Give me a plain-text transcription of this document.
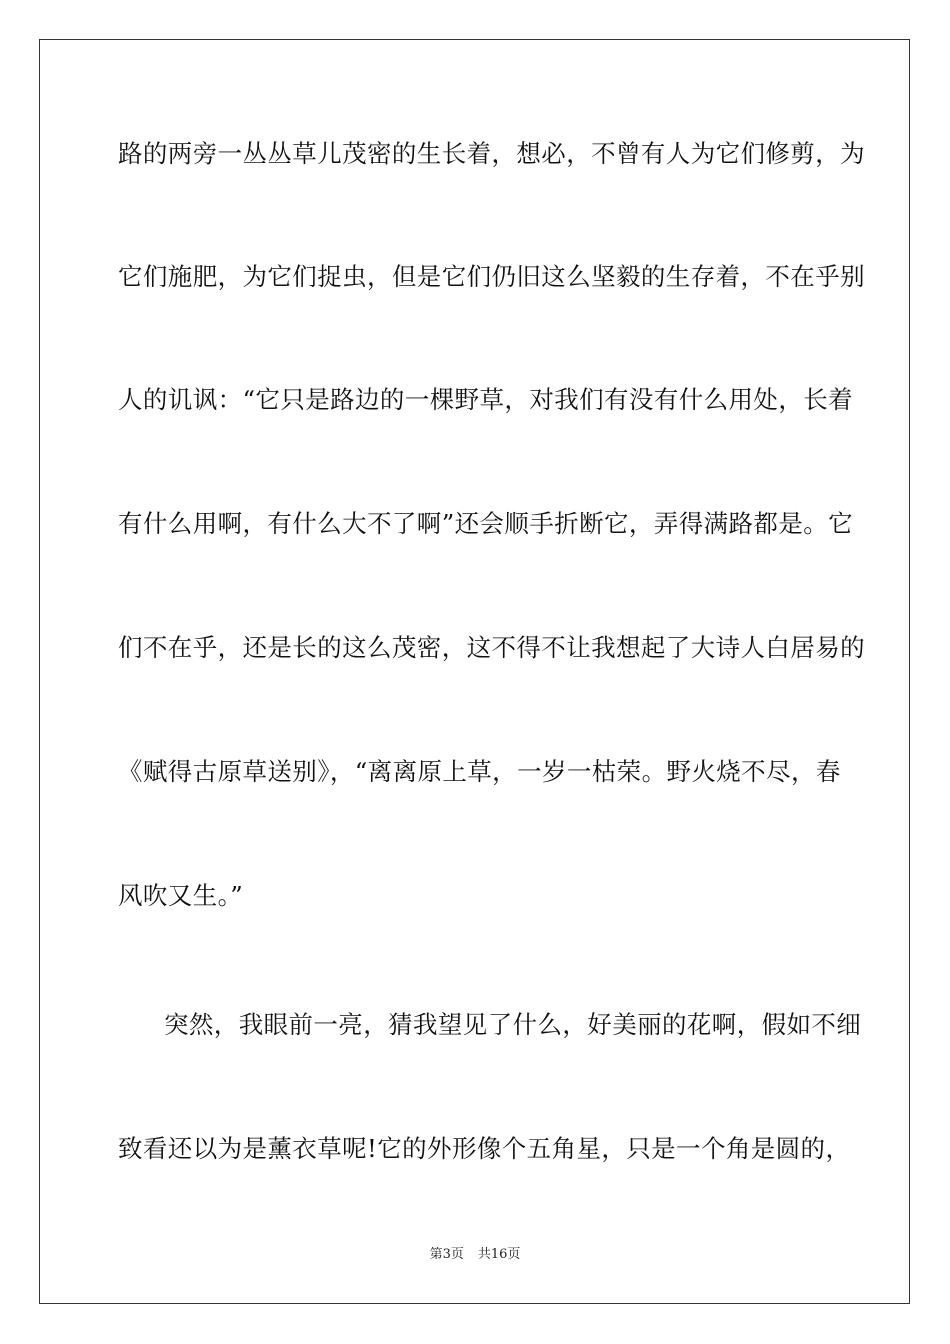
路的两旁一丛丛草儿茂密的生长着，想必，不曾有人为它们修剪，为
它们施肥，为它们捉虫，但是它们仍旧这么坚毅的生存着，不在乎别
人的讥讽：“它只是路边的一棵野草，对我们有没有什么用处，长着
有什么用啊，有什么大不了啊”还会顺手折断它，弄得满路都是。它
们不在乎，还是长的这么茂密，这不得不让我想起了大诗人白居易的
《赋得古原草送别》，“离离原上草，一岁一枯荣。野火烧不尽，春
风吹又生。”
突然，我眼前一亮，猜我望见了什么，好美丽的花啊，假如不细
致看还以为是薰衣草呢!它的外形像个五角星，只是一个角是圆的，
第3页 共16页
